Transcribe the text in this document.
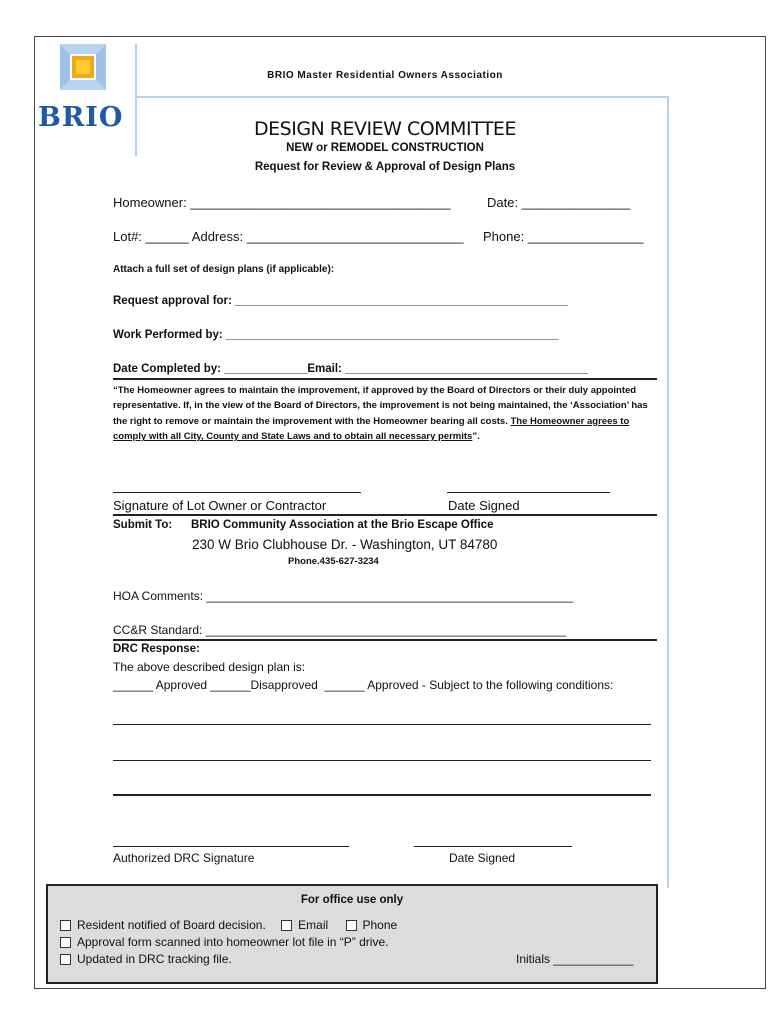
BRIO
BRIO Master Residential Owners Association
DESIGN REVIEW COMMITTEE
NEW or REMODEL CONSTRUCTION
Request for Review & Approval of Design Plans
Homeowner: ____________________________________	Date: _______________
Lot#: ______ Address: ______________________________ Phone: ________________
Attach a full set of design plans (if applicable):
Request approval for: ____________________________________________________
Work Performed by: ____________________________________________________
Date Completed by: _____________Email: ______________________________________
“The Homeowner agrees to maintain the improvement, if approved by the Board of Directors or their duly appointed representative. If, in the view of the Board of Directors, the improvement is not being maintained, the ‘Association’ has the right to remove or maintain the improvement with the Homeowner bearing all costs. The Homeowner agrees to comply with all City, County and State Laws and to obtain all necessary permits”.
Signature of Lot Owner or Contractor	Date Signed
Submit To: BRIO Community Association at the Brio Escape Office
230 W Brio Clubhouse Dr. - Washington, UT 84780
Phone.435-627-3234
HOA Comments: _______________________________________________________
CC&R Standard: ______________________________________________________
DRC Response:
The above described design plan is:
______ Approved ______Disapproved  ______ Approved - Subject to the following conditions:
Authorized DRC Signature	Date Signed
For office use only
Resident notified of Board decision.	Email	Phone
Approval form scanned into homeowner lot file in “P” drive.
Updated in DRC tracking file.	Initials ____________
